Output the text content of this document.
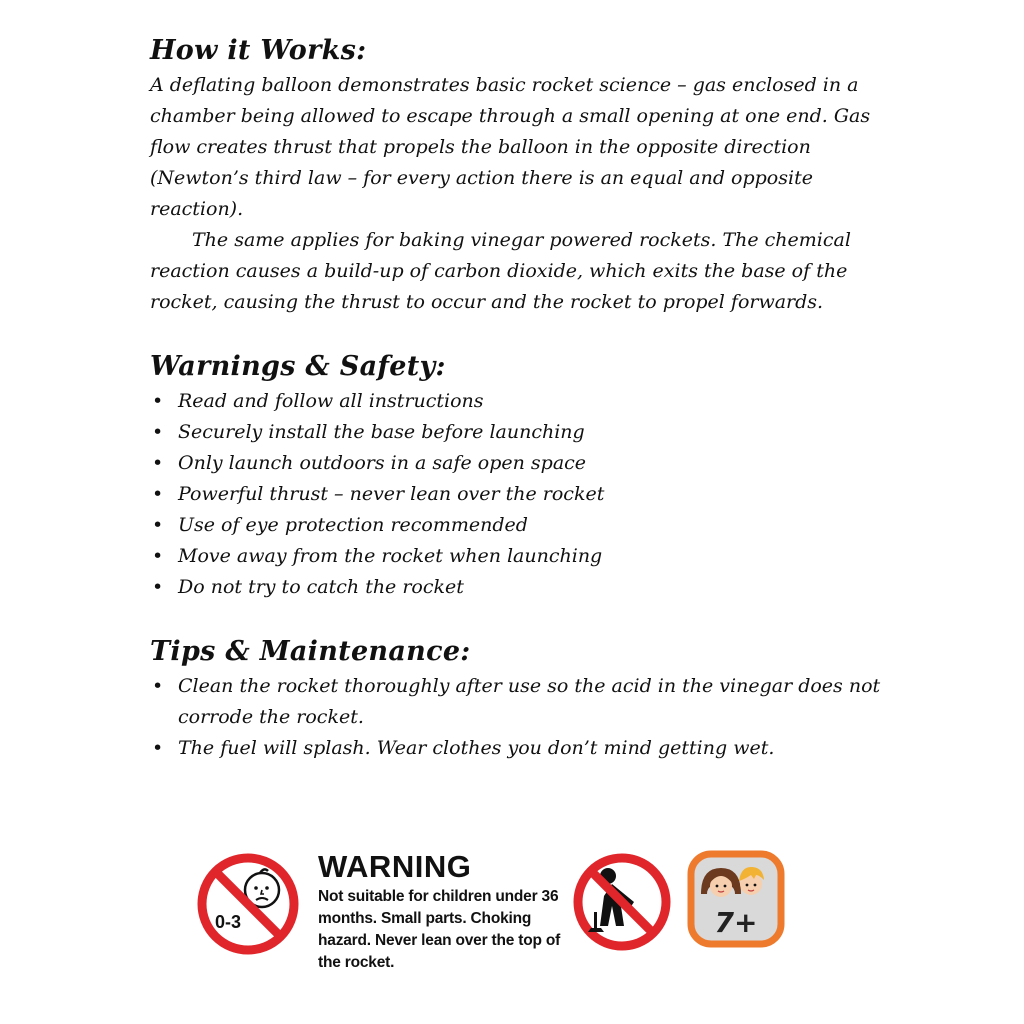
How it Works:

A deflating balloon demonstrates basic rocket science – gas enclosed in a chamber being allowed to escape through a small opening at one end. Gas flow creates thrust that propels the balloon in the opposite direction (Newton’s third law – for every action there is an equal and opposite reaction).

The same applies for baking vinegar powered rockets. The chemical reaction causes a build-up of carbon dioxide, which exits the base of the rocket, causing the thrust to occur and the rocket to propel forwards.

Warnings & Safety:
• Read and follow all instructions
• Securely install the base before launching
• Only launch outdoors in a safe open space
• Powerful thrust – never lean over the rocket
• Use of eye protection recommended
• Move away from the rocket when launching
• Do not try to catch the rocket
Tips & Maintenance:
• Clean the rocket thoroughly after use so the acid in the vinegar does not corrode the rocket.
• The fuel will splash. Wear clothes you don’t mind getting wet.
0-3
WARNING

Not suitable for children under 36 months. Small parts. Choking hazard. Never lean over the top of the rocket.

7+
